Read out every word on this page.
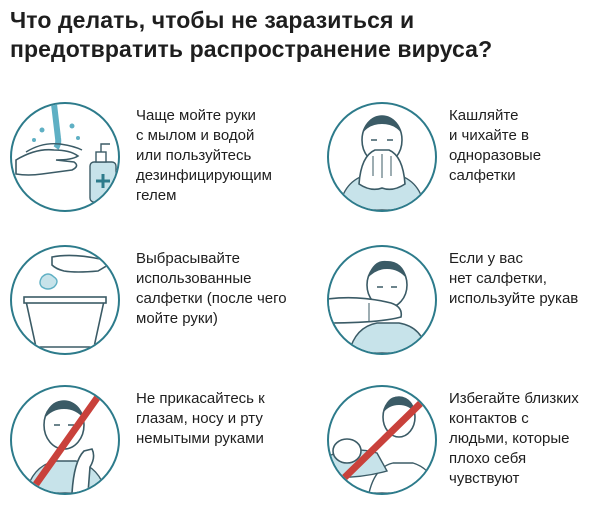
Что делать, чтобы не заразиться и
предотвратить распространение вируса?

Чаще мойте руки
с мылом и водой
или пользуйтесь
дезинфицирующим
гелем

Кашляйте
и чихайте в
одноразовые
салфетки

Выбрасывайте
использованные
салфетки (после чего
мойте руки)

Если у вас
нет салфетки,
используйте рукав

Не прикасайтесь к
глазам, носу и рту
немытыми руками

Избегайте близких
контактов с
людьми, которые
плохо себя
чувствуют
